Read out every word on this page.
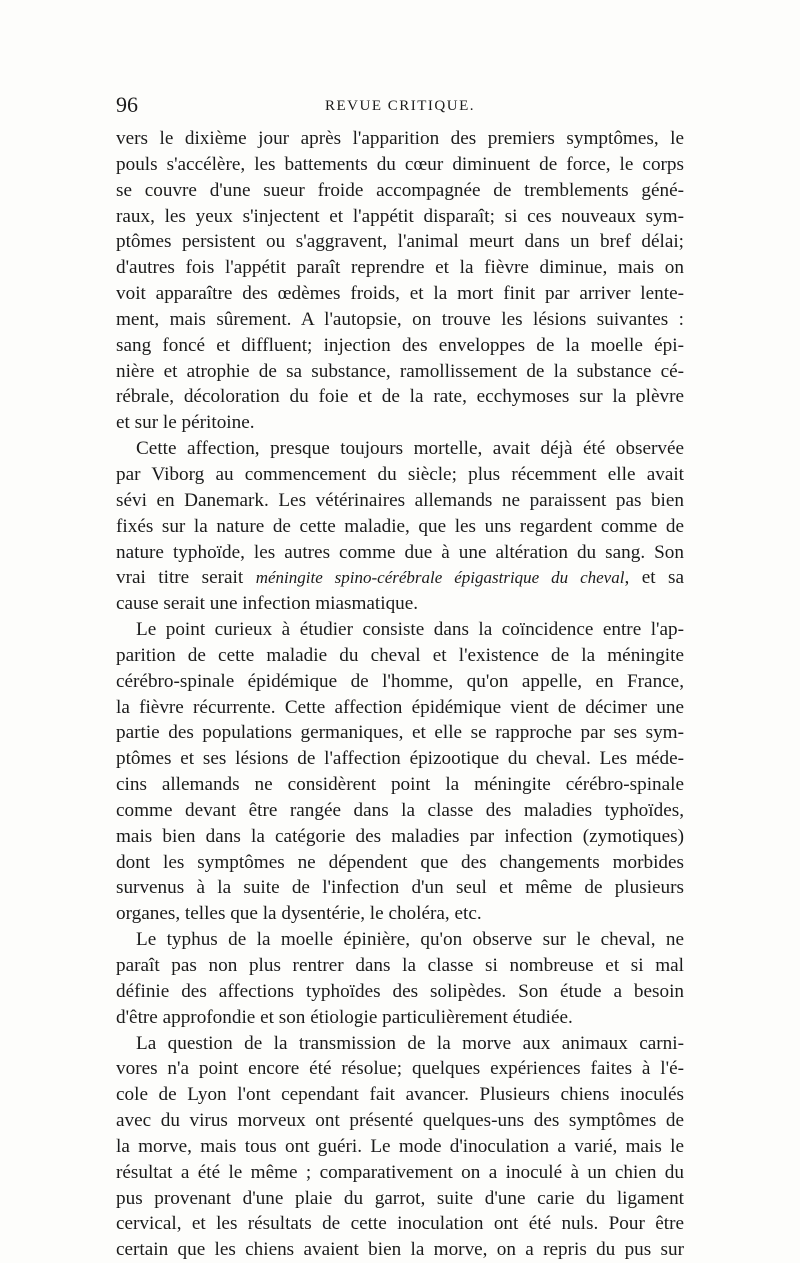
96	REVUE CRITIQUE.
vers le dixième jour après l'apparition des premiers symptômes, le
pouls s'accélère, les battements du cœur diminuent de force, le corps
se couvre d'une sueur froide accompagnée de tremblements géné-
raux, les yeux s'injectent et l'appétit disparaît; si ces nouveaux sym-
ptômes persistent ou s'aggravent, l'animal meurt dans un bref délai;
d'autres fois l'appétit paraît reprendre et la fièvre diminue, mais on
voit apparaître des œdèmes froids, et la mort finit par arriver lente-
ment, mais sûrement. A l'autopsie, on trouve les lésions suivantes :
sang foncé et diffluent; injection des enveloppes de la moelle épi-
nière et atrophie de sa substance, ramollissement de la substance cé-
rébrale, décoloration du foie et de la rate, ecchymoses sur la plèvre
et sur le péritoine.
Cette affection, presque toujours mortelle, avait déjà été observée
par Viborg au commencement du siècle; plus récemment elle avait
sévi en Danemark. Les vétérinaires allemands ne paraissent pas bien
fixés sur la nature de cette maladie, que les uns regardent comme de
nature typhoïde, les autres comme due à une altération du sang. Son
vrai titre serait méningite spino-cérébrale épigastrique du cheval, et sa
cause serait une infection miasmatique.
Le point curieux à étudier consiste dans la coïncidence entre l'ap-
parition de cette maladie du cheval et l'existence de la méningite
cérébro-spinale épidémique de l'homme, qu'on appelle, en France,
la fièvre récurrente. Cette affection épidémique vient de décimer une
partie des populations germaniques, et elle se rapproche par ses sym-
ptômes et ses lésions de l'affection épizootique du cheval. Les méde-
cins allemands ne considèrent point la méningite cérébro-spinale
comme devant être rangée dans la classe des maladies typhoïdes,
mais bien dans la catégorie des maladies par infection (zymotiques)
dont les symptômes ne dépendent que des changements morbides
survenus à la suite de l'infection d'un seul et même de plusieurs
organes, telles que la dysentérie, le choléra, etc.
Le typhus de la moelle épinière, qu'on observe sur le cheval, ne
paraît pas non plus rentrer dans la classe si nombreuse et si mal
définie des affections typhoïdes des solipèdes. Son étude a besoin
d'être approfondie et son étiologie particulièrement étudiée.
La question de la transmission de la morve aux animaux carni-
vores n'a point encore été résolue; quelques expériences faites à l'é-
cole de Lyon l'ont cependant fait avancer. Plusieurs chiens inoculés
avec du virus morveux ont présenté quelques-uns des symptômes de
la morve, mais tous ont guéri. Le mode d'inoculation a varié, mais le
résultat a été le même ; comparativement on a inoculé à un chien du
pus provenant d'une plaie du garrot, suite d'une carie du ligament
cervical, et les résultats de cette inoculation ont été nuls. Pour être
certain que les chiens avaient bien la morve, on a repris du pus sur
